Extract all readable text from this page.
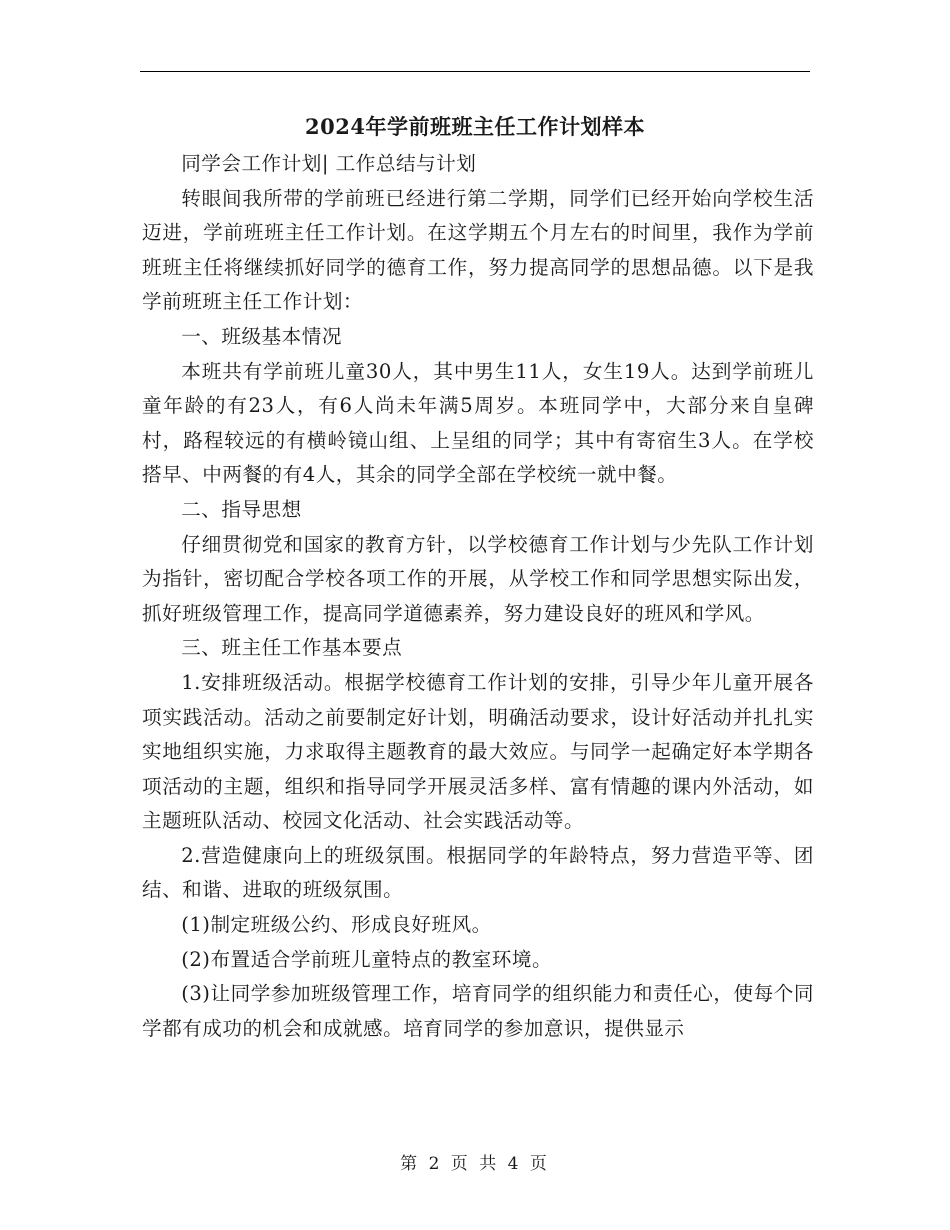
2024年学前班班主任工作计划样本

同学会工作计划| 工作总结与计划

转眼间我所带的学前班已经进行第二学期，同学们已经开始向学校生活迈进，学前班班主任工作计划。在这学期五个月左右的时间里，我作为学前班班主任将继续抓好同学的德育工作，努力提高同学的思想品德。以下是我学前班班主任工作计划：

一、班级基本情况

本班共有学前班儿童30人，其中男生11人，女生19人。达到学前班儿童年龄的有23人，有6人尚未年满5周岁。本班同学中，大部分来自皇碑村，路程较远的有横岭镜山组、上呈组的同学；其中有寄宿生3人。在学校搭早、中两餐的有4人，其余的同学全部在学校统一就中餐。

二、指导思想

仔细贯彻党和国家的教育方针，以学校德育工作计划与少先队工作计划为指针，密切配合学校各项工作的开展，从学校工作和同学思想实际出发，抓好班级管理工作，提高同学道德素养，努力建设良好的班风和学风。

三、班主任工作基本要点

1.安排班级活动。根据学校德育工作计划的安排，引导少年儿童开展各项实践活动。活动之前要制定好计划，明确活动要求，设计好活动并扎扎实实地组织实施，力求取得主题教育的最大效应。与同学一起确定好本学期各项活动的主题，组织和指导同学开展灵活多样、富有情趣的课内外活动，如主题班队活动、校园文化活动、社会实践活动等。

2.营造健康向上的班级氛围。根据同学的年龄特点，努力营造平等、团结、和谐、进取的班级氛围。

(1)制定班级公约、形成良好班风。

(2)布置适合学前班儿童特点的教室环境。

(3)让同学参加班级管理工作，培育同学的组织能力和责任心，使每个同学都有成功的机会和成就感。培育同学的参加意识，提供显示

第 2 页 共 4 页
